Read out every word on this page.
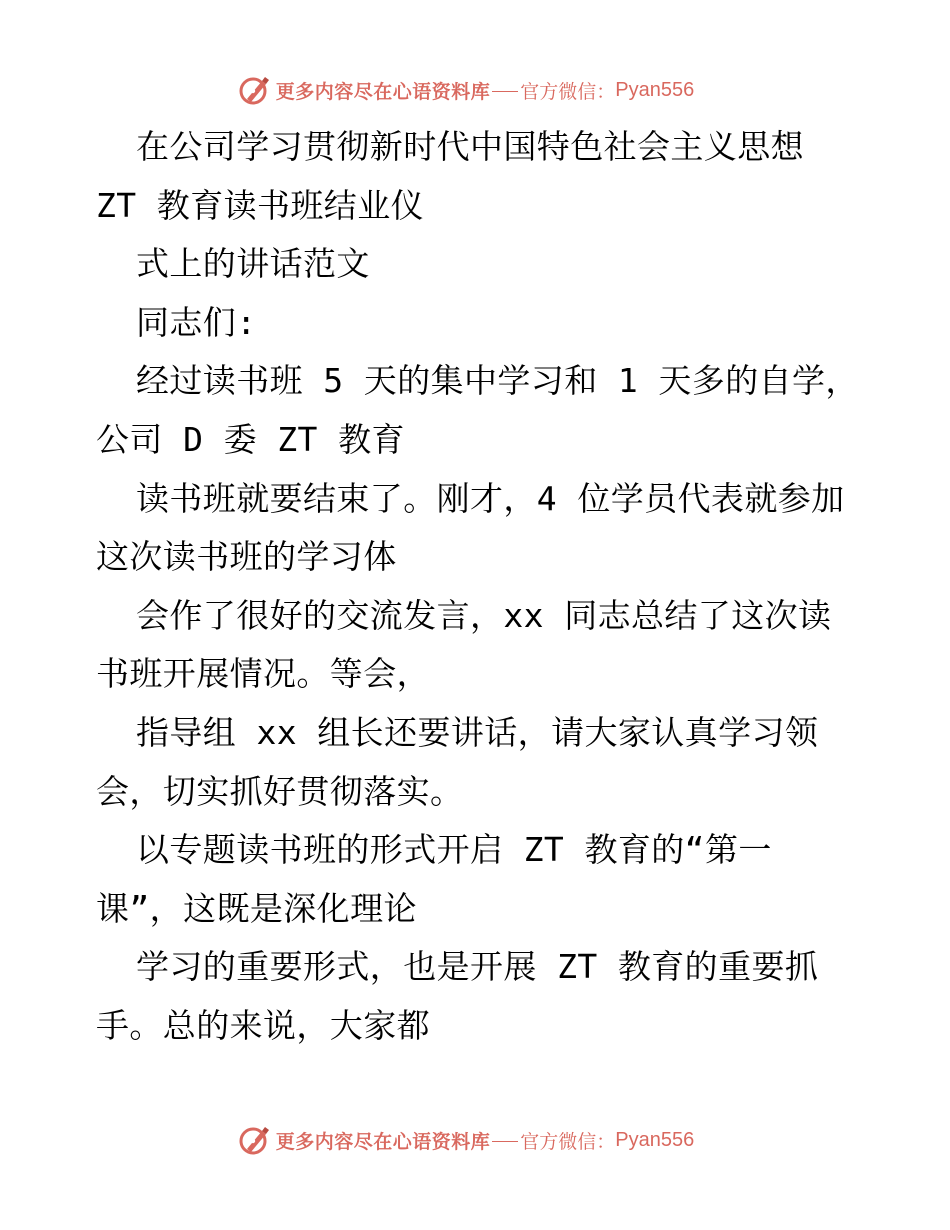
更多内容尽在心语资料库 官方微信： Pyan556
在公司学习贯彻新时代中国特色社会主义思想
ZT 教育读书班结业仪
式上的讲话范文
同志们:
经过读书班 5 天的集中学习和 1 天多的自学，
公司 D 委 ZT 教育
读书班就要结束了。刚才，4 位学员代表就参加
这次读书班的学习体
会作了很好的交流发言，xx 同志总结了这次读
书班开展情况。等会，
指导组 xx 组长还要讲话，请大家认真学习领
会，切实抓好贯彻落实。
以专题读书班的形式开启 ZT 教育的“第一
课”，这既是深化理论
学习的重要形式，也是开展 ZT 教育的重要抓
手。总的来说，大家都
更多内容尽在心语资料库 官方微信： Pyan556
